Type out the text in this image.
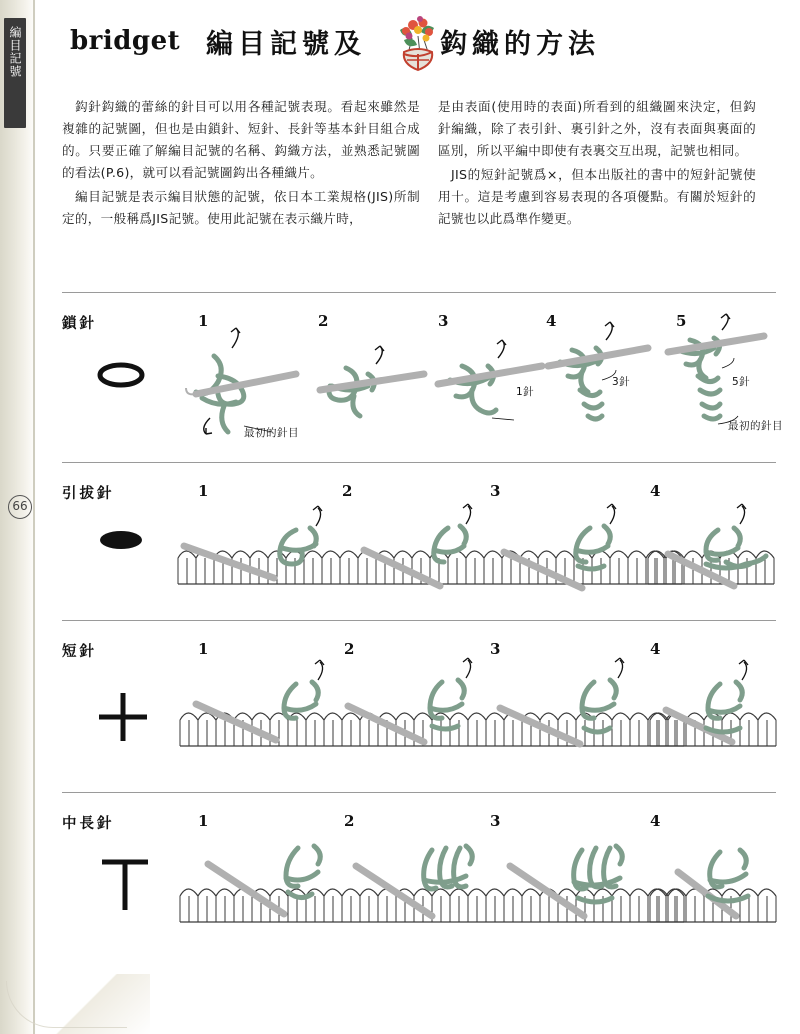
編目記號
66
bridget 編目記號及	鈎織的方法

鈎針鈎織的蕾絲的針目可以用各種記號表現。看起來雖然是複雜的記號圖，但也是由鎖針、短針、長針等基本針目組合成的。只要正確了解編目記號的名稱、鈎織方法，並熟悉記號圖的看法(P.6)，就可以看記號圖鈎出各種織片。

編目記號是表示編目狀態的記號，依日本工業規格(JIS)所制定的，一般稱爲JIS記號。使用此記號在表示織片時，

是由表面(使用時的表面)所看到的組織圖來決定，但鈎針編織，除了表引針、裏引針之外，沒有表面與裏面的區別，所以平編中即使有表裏交互出現，記號也相同。

JIS的短針記號爲×，但本出版社的書中的短針記號使用十。這是考慮到容易表現的各項優點。有關於短針的記號也以此爲準作變更。

鎖針	1	2	3	4	5
最初的針目
1針
3針	5針
最初的針目
引拔針	1	2	3	4
短針	1	2	3	4
中長針	1	2	3	4
